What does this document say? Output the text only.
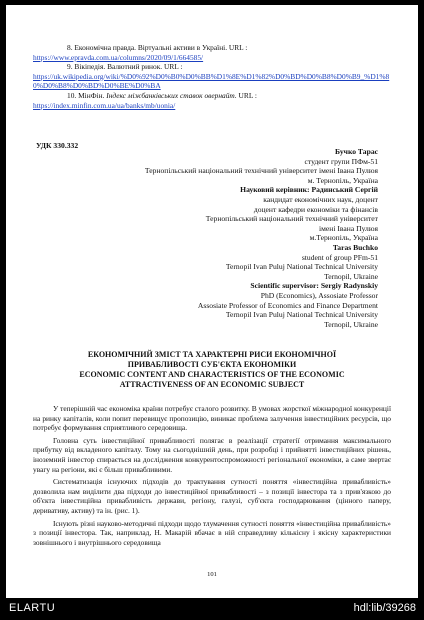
8. Економічна правда. Віртуальні активи в Україні. URL :
https://www.epravda.com.ua/columns/2020/09/1/664585/
9. Вікіпедія. Валютний ринок. URL :
https://uk.wikipedia.org/wiki/%D0%92%D0%B0%D0%BB%D1%8E%D1%82%D0%BD%D0%B8%D0%B9_%D1%80%D0%B8%D0%BD%D0%BE%D0%BA
10. МінФін. Індекс міжбанківських ставок овернайт. URL :
https://index.minfin.com.ua/ua/banks/mb/uonia/
УДК 330.332
Бучко Тарас
студент групи ПФм-51
Тернопільський національний технічний університет імені Івана Пулюя
м. Тернопіль, Україна
Науковий керівник: Радинський Сергій
кандидат економічних наук, доцент
доцент кафедри економіки та фінансів
Тернопільський національний технічний університет
імені Івана Пулюя
м.Тернопіль, Україна
Taras Buchko
student of group PFm-51
Ternopil Ivan Puluj National Technical University
Ternopil, Ukraine
Scientific supervisor: Sergiy Radynskiy
PhD (Economics), Assosiate Professor
Assosiate Professor of Economics and Finance Department
Ternopil Ivan Puluj National Technical University
Ternopil, Ukraine
ЕКОНОМІЧНИЙ ЗМІСТ ТА ХАРАКТЕРНІ РИСИ ЕКОНОМІЧНОЇ
ПРИВАБЛИВОСТІ СУБ'ЄКТА ЕКОНОМІКИ
ECONOMIC CONTENT AND CHARACTERISTICS OF THE ECONOMIC
ATTRACTIVENESS OF AN ECONOMIC SUBJECT

У теперішній час економіка країни потребує сталого розвитку. В умовах жорсткої міжнародної конкуренції на ринку капіталів, коли попит перевищує пропозицію, виникає проблема залучення інвестиційних ресурсів, що потребує формування сприятливого середовища.

Головна суть інвестиційної привабливості полягає в реалізації стратегії отримання максимального прибутку від вкладеного капіталу. Тому на сьогоднішній день, при розробці і прийнятті інвестиційних рішень, іноземний інвестор спирається на дослідження конкурентоспроможності регіональної економіки, а саме звертає увагу на регіони, які є більш привабливими.

Систематизація існуючих підходів до трактування сутності поняття «інвестиційна привабливість» дозволила нам виділити два підходи до інвестиційної привабливості – з позиції інвестора та з прив'язкою до об'єкта інвестиційна привабливість держави, регіону, галузі, суб'єкта господарювання (цінного паперу, деривативу, активу) та ін. (рис. 1).

Існують різні науково-методичні підходи щодо тлумачення сутності поняття «інвестиційна привабливість» з позиції інвестора. Так, наприклад, Н. Макарій вбачає в ній справедливу кількісну і якісну характеристики зовнішнього і внутрішнього середовища

101
ELARTU	hdl:lib/39268
